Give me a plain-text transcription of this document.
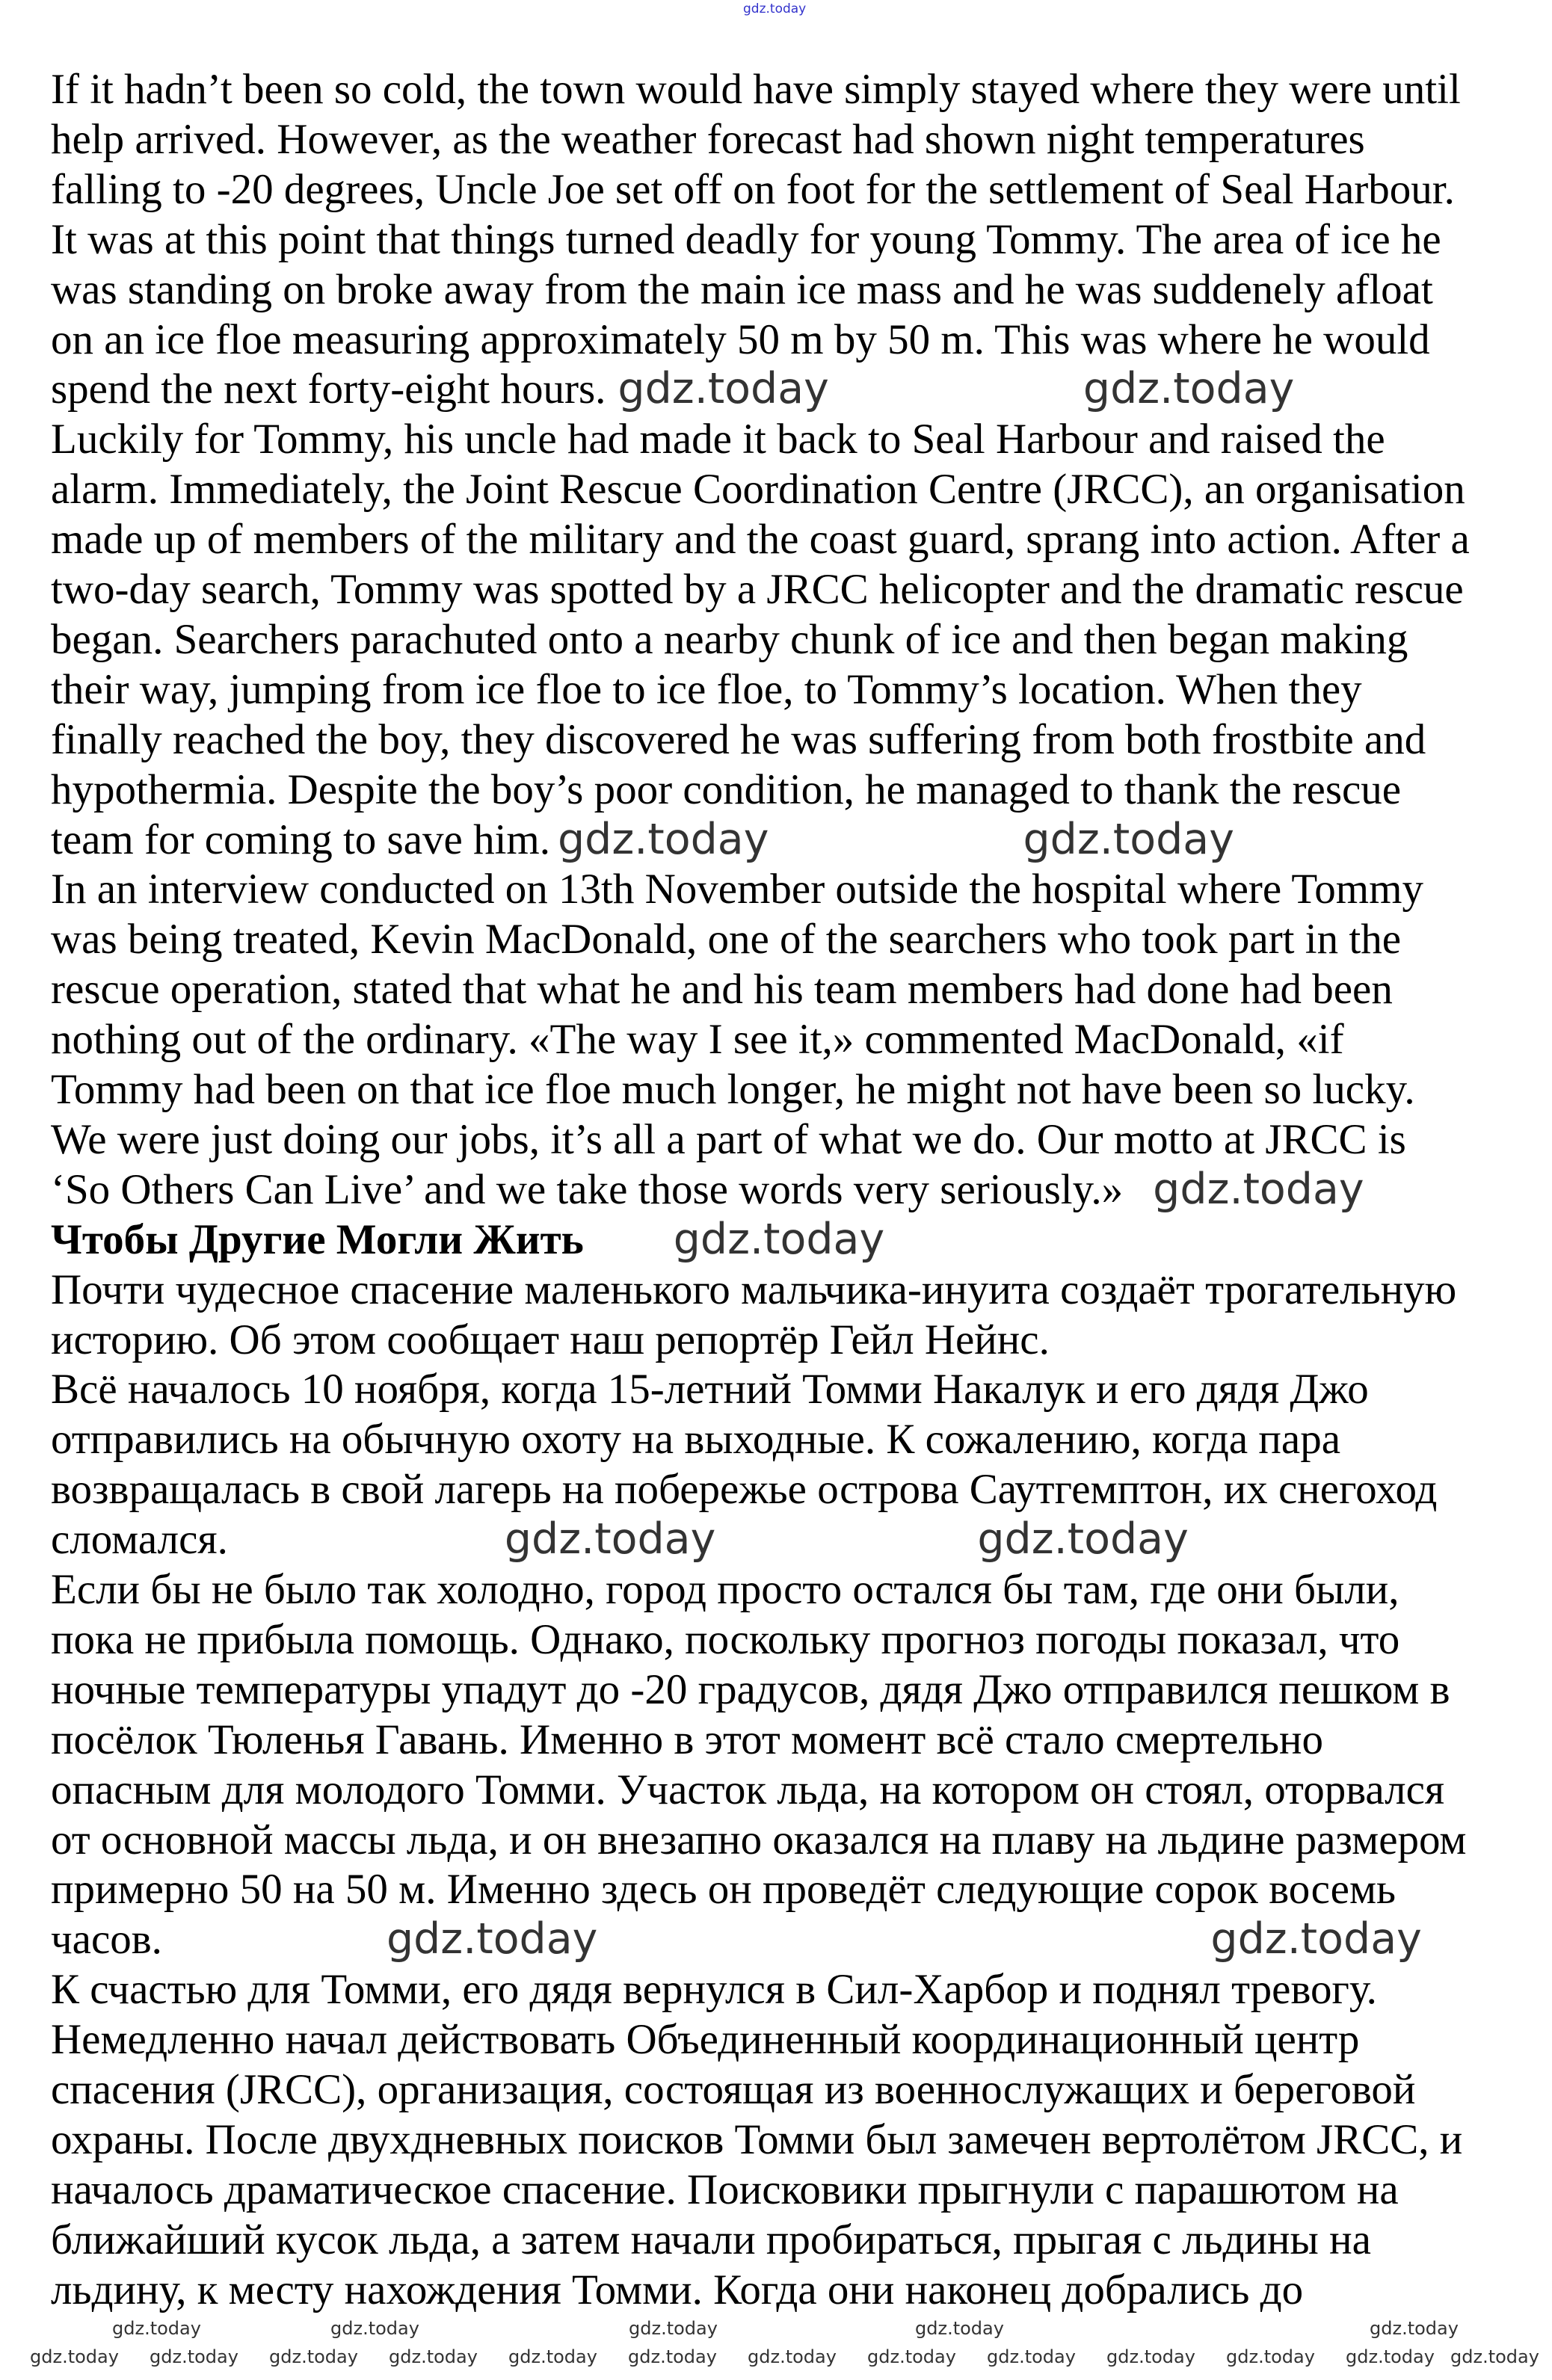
gdz.today
If it hadn’t been so cold, the town would have simply stayed where they were until
help arrived. However, as the weather forecast had shown night temperatures
falling to -20 degrees, Uncle Joe set off on foot for the settlement of Seal Harbour.
It was at this point that things turned deadly for young Tommy. The area of ice he
was standing on broke away from the main ice mass and he was suddenely afloat
on an ice floe measuring approximately 50 m by 50 m. This was where he would
spend the next forty-eight hours. gdz.today	gdz.today
Luckily for Tommy, his uncle had made it back to Seal Harbour and raised the
alarm. Immediately, the Joint Rescue Coordination Centre (JRCC), an organisation
made up of members of the military and the coast guard, sprang into action. After a
two-day search, Tommy was spotted by a JRCC helicopter and the dramatic rescue
began. Searchers parachuted onto a nearby chunk of ice and then began making
their way, jumping from ice floe to ice floe, to Tommy’s location. When they
finally reached the boy, they discovered he was suffering from both frostbite and
hypothermia. Despite the boy’s poor condition, he managed to thank the rescue
team for coming to save him. gdz.today	gdz.today
In an interview conducted on 13th November outside the hospital where Tommy
was being treated, Kevin MacDonald, one of the searchers who took part in the
rescue operation, stated that what he and his team members had done had been
nothing out of the ordinary. «The way I see it,» commented MacDonald, «if
Tommy had been on that ice floe much longer, he might not have been so lucky.
We were just doing our jobs, it’s all a part of what we do. Our motto at JRCC is
‘So Others Can Live’ and we take those words very seriously.» gdz.today
Чтобы Другие Могли Жить gdz.today
Почти чудесное спасение маленького мальчика-инуита создаёт трогательную
историю. Об этом сообщает наш репортёр Гейл Нейнс.
Всё началось 10 ноября, когда 15-летний Томми Накалук и его дядя Джо
отправились на обычную охоту на выходные. К сожалению, когда пара
возвращалась в свой лагерь на побережье острова Саутгемптон, их снегоход
сломался.	gdz.today	gdz.today
Если бы не было так холодно, город просто остался бы там, где они были,
пока не прибыла помощь. Однако, поскольку прогноз погоды показал, что
ночные температуры упадут до -20 градусов, дядя Джо отправился пешком в
посёлок Тюленья Гавань. Именно в этот момент всё стало смертельно
опасным для молодого Томми. Участок льда, на котором он стоял, оторвался
от основной массы льда, и он внезапно оказался на плаву на льдине размером
примерно 50 на 50 м. Именно здесь он проведёт следующие сорок восемь
часов.	gdz.today	gdz.today
К счастью для Томми, его дядя вернулся в Сил-Харбор и поднял тревогу.
Немедленно начал действовать Объединенный координационный центр
спасения (JRCC), организация, состоящая из военнослужащих и береговой
охраны. После двухдневных поисков Томми был замечен вертолётом JRCC, и
началось драматическое спасение. Поисковики прыгнули с парашютом на
ближайший кусок льда, а затем начали пробираться, прыгая с льдины на
льдину, к месту нахождения Томми. Когда они наконец добрались до
gdz.today	gdz.today	gdz.today	gdz.today	gdz.today
gdz.today gdz.today gdz.today gdz.today gdz.today gdz.today gdz.today gdz.today gdz.today gdz.today gdz.today gdz.today gdz.today
